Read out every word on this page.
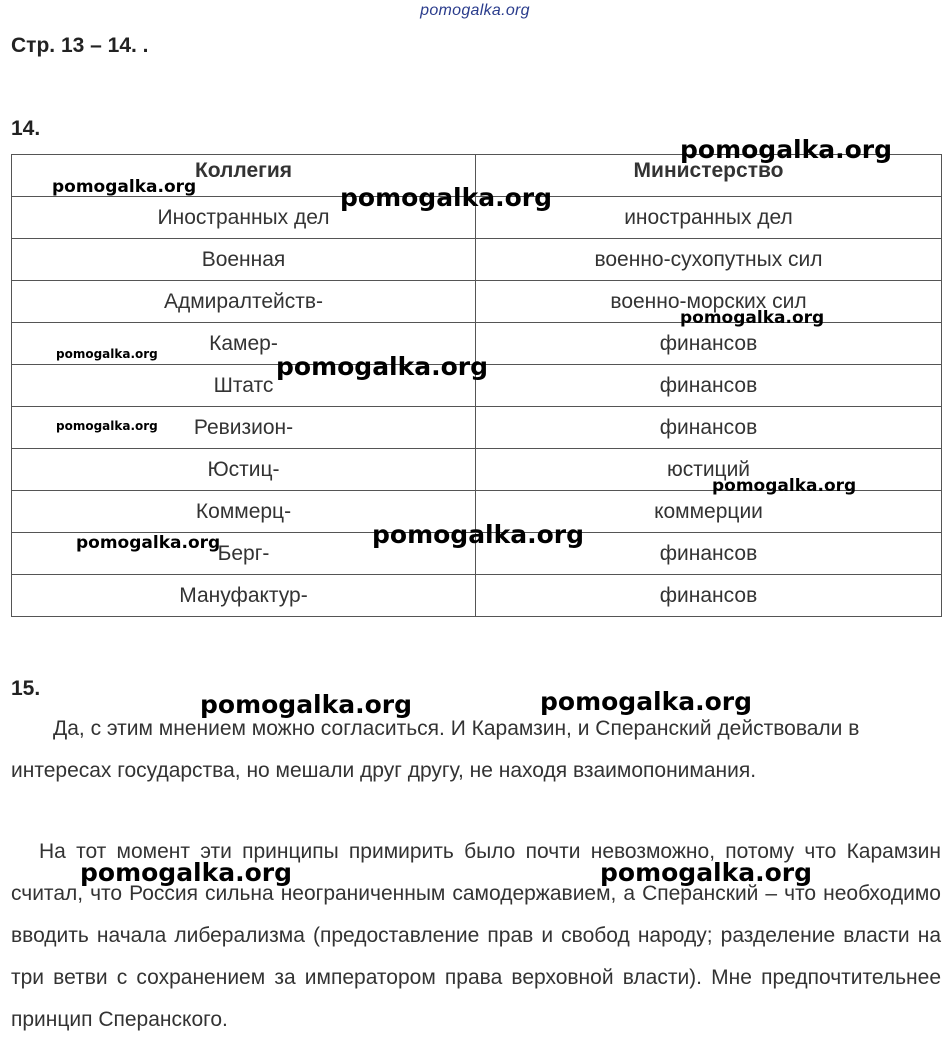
pomogalka.org
Стр. 13 – 14. .
14.
Коллегия	Министерство
Иностранных дел	иностранных дел
Военная	военно-сухопутных сил
Адмиралтейств-	военно-морских сил
Камер-	финансов
Штатс	финансов
Ревизион-	финансов
Юстиц-	юстиций
Коммерц-	коммерции
Берг-	финансов
Мануфактур-	финансов
15.

Да, с этим мнением можно согласиться. И Карамзин, и Сперанский действовали в интересах государства, но мешали друг другу, не находя взаимопонимания.

На тот момент эти принципы примирить было почти невозможно, потому что Карамзин считал, что Россия сильна неограниченным самодержавием, а Сперанский – что необходимо вводить начала либерализма (предоставление прав и свобод народу; разделение власти на три ветви с сохранением за императором права верховной власти). Мне предпочтительнее принцип Сперанского.

pomogalka.org
pomogalka.org	pomogalka.org
pomogalka.org
pomogalka.org	pomogalka.org
pomogalka.org
pomogalka.org
pomogalka.org
pomogalka.org
pomogalka.org	pomogalka.org
pomogalka.org	pomogalka.org
